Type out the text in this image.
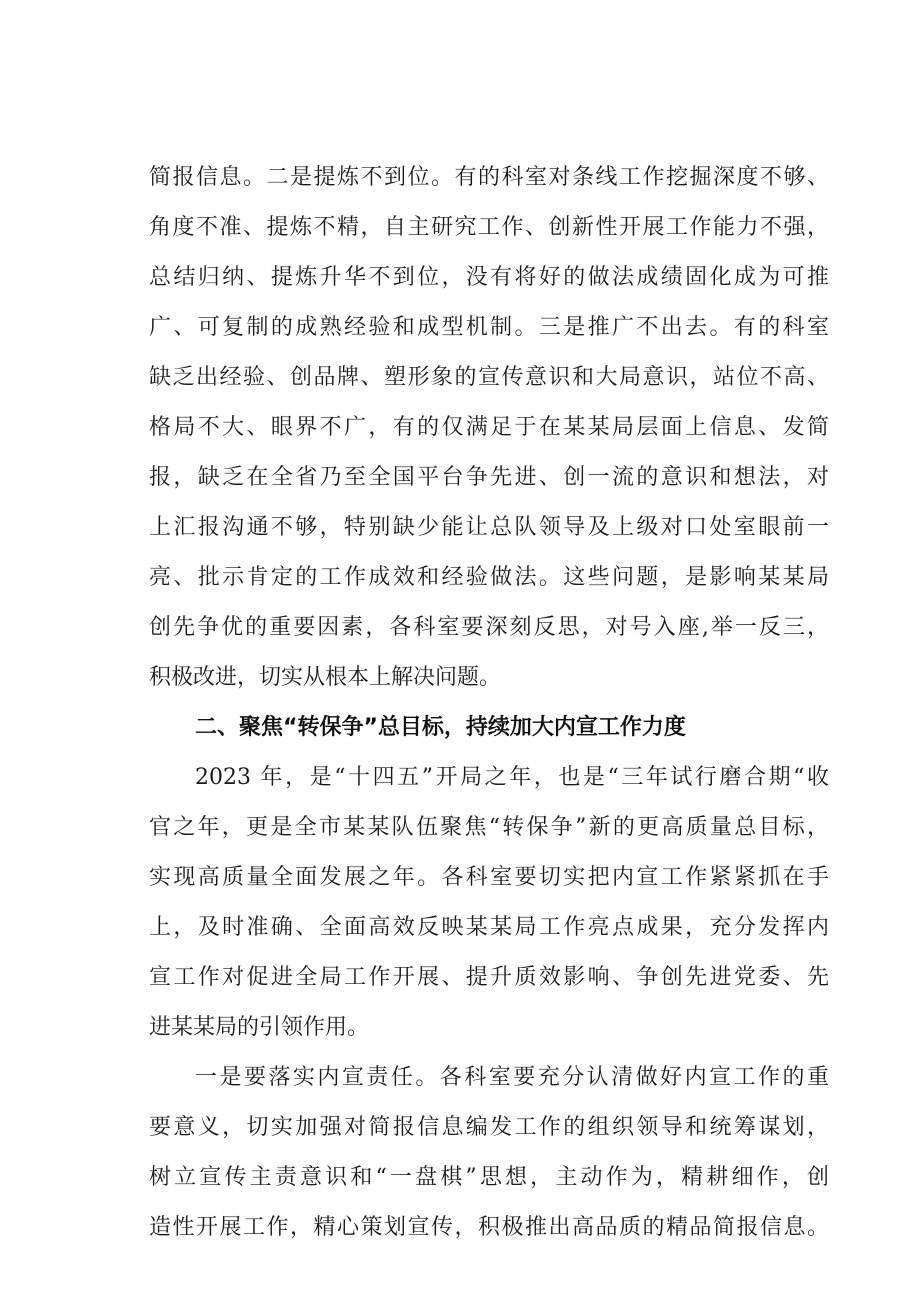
简报信息。二是提炼不到位。有的科室对条线工作挖掘深度不够、
角度不准、提炼不精，自主研究工作、创新性开展工作能力不强，
总结归纳、提炼升华不到位，没有将好的做法成绩固化成为可推
广、可复制的成熟经验和成型机制。三是推广不出去。有的科室
缺乏出经验、创品牌、塑形象的宣传意识和大局意识，站位不高、
格局不大、眼界不广，有的仅满足于在某某局层面上信息、发简
报，缺乏在全省乃至全国平台争先进、创一流的意识和想法，对
上汇报沟通不够，特别缺少能让总队领导及上级对口处室眼前一
亮、批示肯定的工作成效和经验做法。这些问题，是影响某某局
创先争优的重要因素，各科室要深刻反思，对号入座,举一反三，
积极改进，切实从根本上解决问题。
二、聚焦“转保争”总目标，持续加大内宣工作力度
2023 年，是“十四五”开局之年，也是“三年试行磨合期“收
官之年，更是全市某某队伍聚焦“转保争”新的更高质量总目标，
实现高质量全面发展之年。各科室要切实把内宣工作紧紧抓在手
上，及时准确、全面高效反映某某局工作亮点成果，充分发挥内
宣工作对促进全局工作开展、提升质效影响、争创先进党委、先
进某某局的引领作用。
一是要落实内宣责任。各科室要充分认清做好内宣工作的重
要意义，切实加强对简报信息编发工作的组织领导和统筹谋划，
树立宣传主责意识和“一盘棋”思想，主动作为，精耕细作，创
造性开展工作，精心策划宣传，积极推出高品质的精品简报信息。
